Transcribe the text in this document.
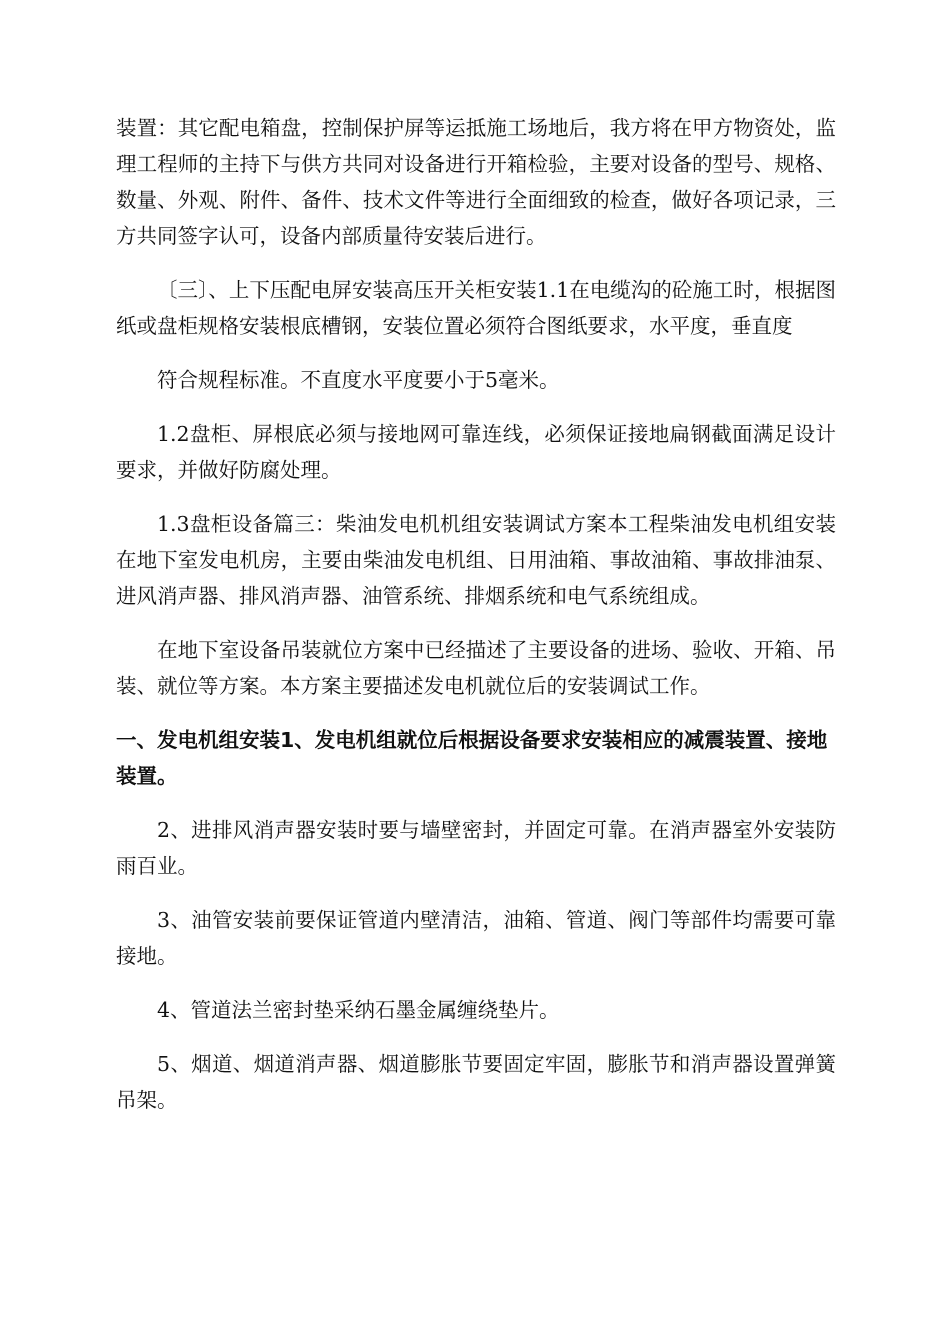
装置：其它配电箱盘，控制保护屏等运抵施工场地后，我方将在甲方物资处，监理工程师的主持下与供方共同对设备进行开箱检验，主要对设备的型号、规格、数量、外观、附件、备件、技术文件等进行全面细致的检查，做好各项记录，三方共同签字认可，设备内部质量待安装后进行。

〔三〕、上下压配电屏安装高压开关柜安装1.1在电缆沟的砼施工时，根据图纸或盘柜规格安装根底槽钢，安装位置必须符合图纸要求，水平度，垂直度

符合规程标准。不直度水平度要小于5毫米。

1.2盘柜、屏根底必须与接地网可靠连线，必须保证接地扁钢截面满足设计要求，并做好防腐处理。

1.3盘柜设备篇三：柴油发电机机组安装调试方案本工程柴油发电机组安装在地下室发电机房，主要由柴油发电机组、日用油箱、事故油箱、事故排油泵、进风消声器、排风消声器、油管系统、排烟系统和电气系统组成。

在地下室设备吊装就位方案中已经描述了主要设备的进场、验收、开箱、吊装、就位等方案。本方案主要描述发电机就位后的安装调试工作。

一、发电机组安装1、发电机组就位后根据设备要求安装相应的减震装置、接地装置。

2、进排风消声器安装时要与墙壁密封，并固定可靠。在消声器室外安装防雨百业。

3、油管安装前要保证管道内壁清洁，油箱、管道、阀门等部件均需要可靠接地。

4、管道法兰密封垫采纳石墨金属缠绕垫片。

5、烟道、烟道消声器、烟道膨胀节要固定牢固，膨胀节和消声器设置弹簧吊架。
